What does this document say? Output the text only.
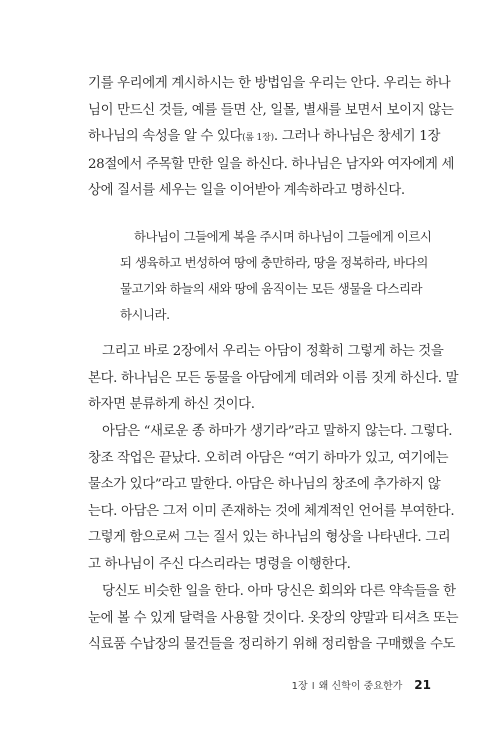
기를 우리에게 계시하시는 한 방법임을 우리는 안다. 우리는 하나
님이 만드신 것들, 예를 들면 산, 일몰, 별새를 보면서 보이지 않는
하나님의 속성을 알 수 있다(롬 1장). 그러나 하나님은 창세기 1장
28절에서 주목할 만한 일을 하신다. 하나님은 남자와 여자에게 세
상에 질서를 세우는 일을 이어받아 계속하라고 명하신다.

하나님이 그들에게 복을 주시며 하나님이 그들에게 이르시
되 생육하고 번성하여 땅에 충만하라, 땅을 정복하라, 바다의
물고기와 하늘의 새와 땅에 움직이는 모든 생물을 다스리라
하시니라.

그리고 바로 2장에서 우리는 아담이 정확히 그렇게 하는 것을
본다. 하나님은 모든 동물을 아담에게 데려와 이름 짓게 하신다. 말
하자면 분류하게 하신 것이다.

아담은 “새로운 종 하마가 생기라”라고 말하지 않는다. 그렇다.
창조 작업은 끝났다. 오히려 아담은 “여기 하마가 있고, 여기에는
물소가 있다”라고 말한다. 아담은 하나님의 창조에 추가하지 않
는다. 아담은 그저 이미 존재하는 것에 체계적인 언어를 부여한다.
그렇게 함으로써 그는 질서 있는 하나님의 형상을 나타낸다. 그리
고 하나님이 주신 다스리라는 명령을 이행한다.

당신도 비슷한 일을 한다. 아마 당신은 회의와 다른 약속들을 한
눈에 볼 수 있게 달력을 사용할 것이다. 옷장의 양말과 티셔츠 또는
식료품 수납장의 물건들을 정리하기 위해 정리함을 구매했을 수도

1장 I 왜 신학이 중요한가 21
